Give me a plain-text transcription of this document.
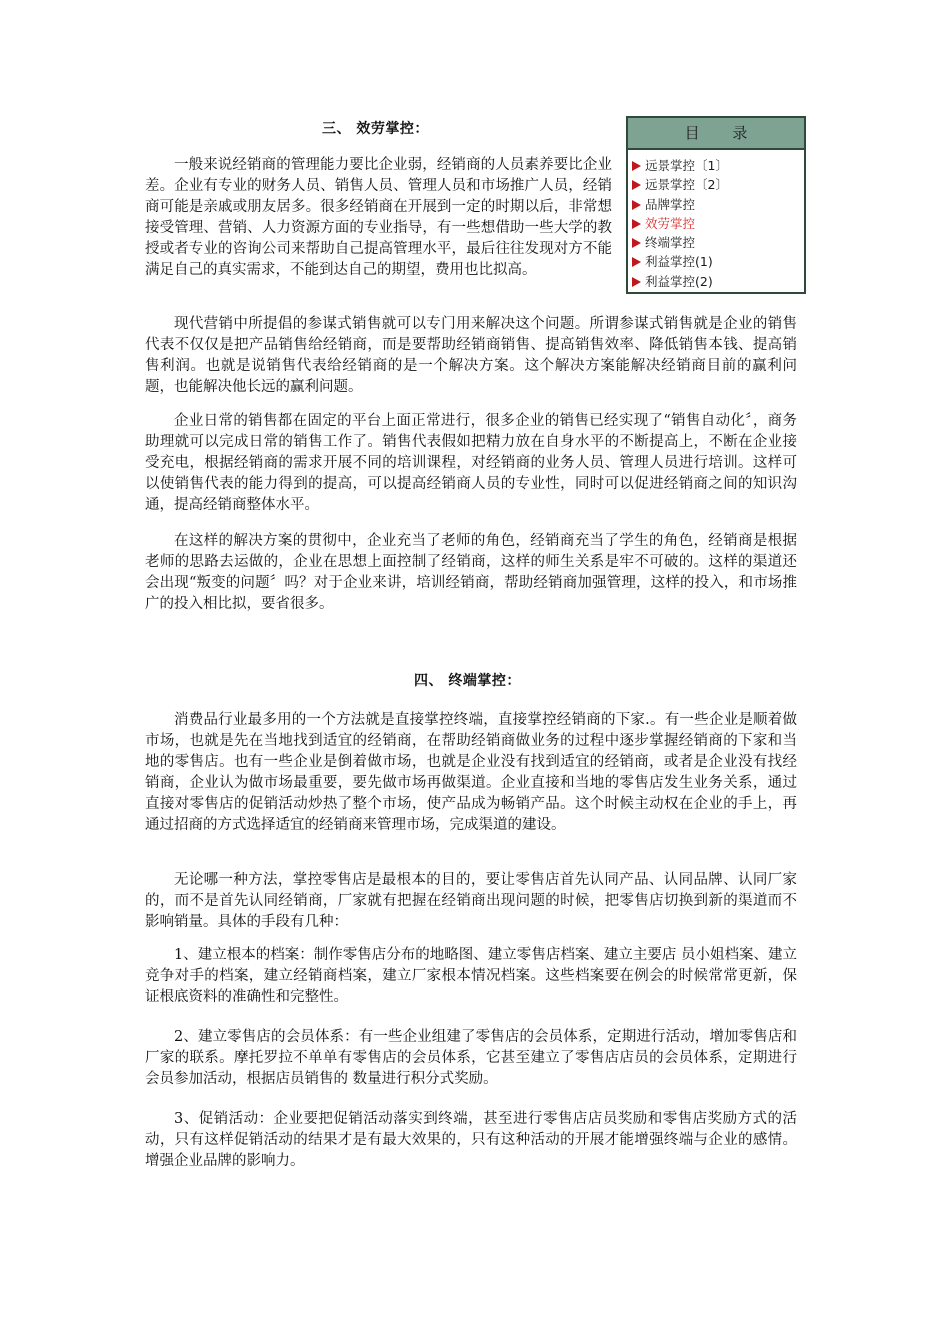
三、 效劳掌控：	目 录
远景掌控〔1〕
远景掌控〔2〕
品牌掌控
效劳掌控
终端掌控
利益掌控(1)
利益掌控(2)

一般来说经销商的管理能力要比企业弱，经销商的人员素养要比企业差。企业有专业的财务人员、销售人员、管理人员和市场推广人员，经销商可能是亲戚或朋友居多。很多经销商在开展到一定的时期以后，非常想接受管理、营销、人力资源方面的专业指导，有一些想借助一些大学的教授或者专业的咨询公司来帮助自己提高管理水平，最后往往发现对方不能满足自己的真实需求，不能到达自己的期望，费用也比拟高。

现代营销中所提倡的参谋式销售就可以专门用来解决这个问题。所谓参谋式销售就是企业的销售代表不仅仅是把产品销售给经销商，而是要帮助经销商销售、提高销售效率、降低销售本钱、提高销售利润。也就是说销售代表给经销商的是一个解决方案。这个解决方案能解决经销商目前的赢利问题，也能解决他长远的赢利问题。

企业日常的销售都在固定的平台上面正常进行，很多企业的销售已经实现了“销售自动化〞，商务助理就可以完成日常的销售工作了。销售代表假如把精力放在自身水平的不断提高上，不断在企业接受充电，根据经销商的需求开展不同的培训课程，对经销商的业务人员、管理人员进行培训。这样可以使销售代表的能力得到的提高，可以提高经销商人员的专业性，同时可以促进经销商之间的知识沟通，提高经销商整体水平。

在这样的解决方案的贯彻中，企业充当了老师的角色，经销商充当了学生的角色，经销商是根据老师的思路去运做的，企业在思想上面控制了经销商，这样的师生关系是牢不可破的。这样的渠道还会出现“叛变的问题〞吗？对于企业来讲，培训经销商，帮助经销商加强管理，这样的投入，和市场推广的投入相比拟，要省很多。

四、 终端掌控：

消费品行业最多用的一个方法就是直接掌控终端，直接掌控经销商的下家.。有一些企业是顺着做市场，也就是先在当地找到适宜的经销商，在帮助经销商做业务的过程中逐步掌握经销商的下家和当地的零售店。也有一些企业是倒着做市场，也就是企业没有找到适宜的经销商，或者是企业没有找经销商，企业认为做市场最重要，要先做市场再做渠道。企业直接和当地的零售店发生业务关系，通过直接对零售店的促销活动炒热了整个市场，使产品成为畅销产品。这个时候主动权在企业的手上，再通过招商的方式选择适宜的经销商来管理市场，完成渠道的建设。

无论哪一种方法，掌控零售店是最根本的目的，要让零售店首先认同产品、认同品牌、认同厂家的，而不是首先认同经销商，厂家就有把握在经销商出现问题的时候，把零售店切换到新的渠道而不影响销量。具体的手段有几种：

1、建立根本的档案：制作零售店分布的地略图、建立零售店档案、建立主要店 员小姐档案、建立竞争对手的档案，建立经销商档案，建立厂家根本情况档案。这些档案要在例会的时候常常更新，保证根底资料的准确性和完整性。

2、建立零售店的会员体系：有一些企业组建了零售店的会员体系，定期进行活动，增加零售店和厂家的联系。摩托罗拉不单单有零售店的会员体系，它甚至建立了零售店店员的会员体系，定期进行会员参加活动，根据店员销售的 数量进行积分式奖励。

3、促销活动：企业要把促销活动落实到终端，甚至进行零售店店员奖励和零售店奖励方式的活动，只有这样促销活动的结果才是有最大效果的，只有这种活动的开展才能增强终端与企业的感情。增强企业品牌的影响力。
